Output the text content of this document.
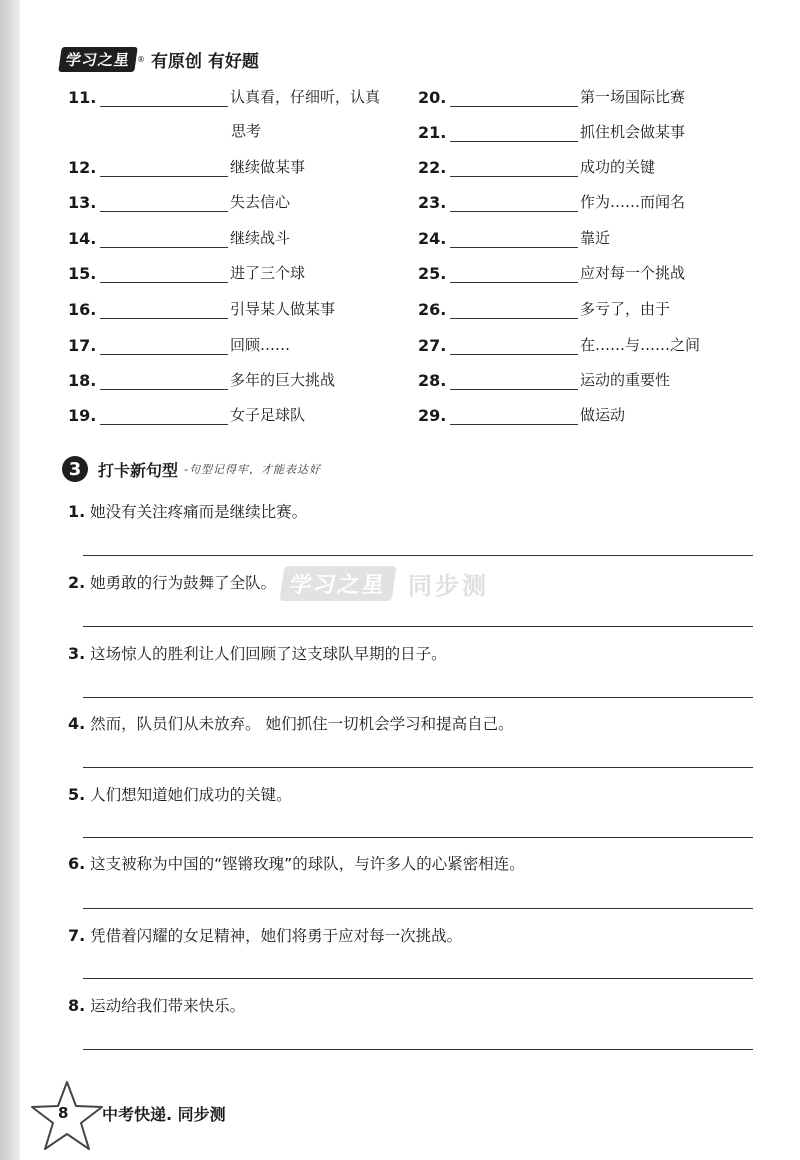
学习之星 ® 有原创 有好题
11.	认真看，仔细听，认真
思考
12.	继续做某事
13.	失去信心
14.	继续战斗
15.	进了三个球
16.	引导某人做某事
17.	回顾……
18.	多年的巨大挑战
19.	女子足球队
20.	第一场国际比赛
21.	抓住机会做某事
22.	成功的关键
23.	作为……而闻名
24.	靠近
25.	应对每一个挑战
26.	多亏了，由于
27.	在……与……之间
28.	运动的重要性
29.	做运动
3	打卡新句型 -句型记得牢，才能表达好
学习之星 同步测
1. 她没有关注疼痛而是继续比赛。
2. 她勇敢的行为鼓舞了全队。
3. 这场惊人的胜利让人们回顾了这支球队早期的日子。
4. 然而，队员们从未放弃。 她们抓住一切机会学习和提高自己。
5. 人们想知道她们成功的关键。
6. 这支被称为中国的“铿锵玫瑰”的球队，与许多人的心紧密相连。
7. 凭借着闪耀的女足精神，她们将勇于应对每一次挑战。
8. 运动给我们带来快乐。
8 中考快递. 同步测
